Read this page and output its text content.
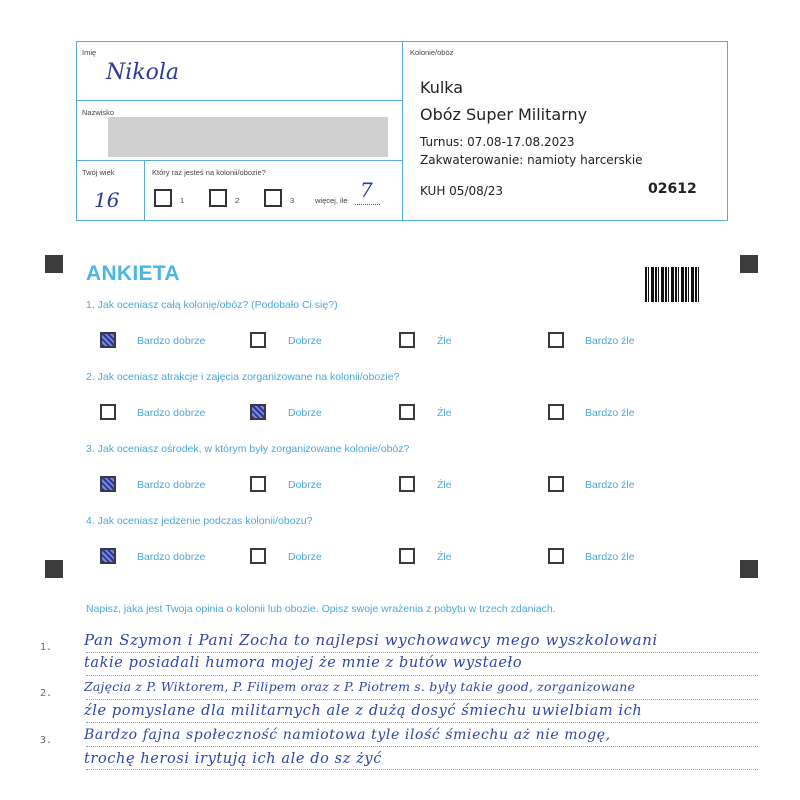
Imię
Nikola
Nazwisko
Twój wiek
16
Który raz jesteś na kolonii/obozie?
1	2	3	więcej, ile 7
Kolonie/obóz
Kulka
Obóz Super Militarny
Turnus: 07.08-17.08.2023
Zakwaterowanie: namioty harcerskie
KUH 05/08/23	02612
ANKIETA
1. Jak oceniasz całą kolonię/obóz? (Podobało Ci się?)
Bardzo dobrze	Dobrze	Źle	Bardzo źle
2. Jak oceniasz atrakcje i zajęcia zorganizowane na kolonii/obozie?
Bardzo dobrze	Dobrze	Źle	Bardzo źle
3. Jak oceniasz ośrodek, w którym były zorganizowane kolonie/obóz?
Bardzo dobrze	Dobrze	Źle	Bardzo źle
4. Jak oceniasz jedzenie podczas kolonii/obozu?
Bardzo dobrze	Dobrze	Źle	Bardzo źle
Napisz, jaka jest Twoja opinia o kolonii lub obozie. Opisz swoje wrażenia z pobytu w trzech zdaniach.
1.
2.
3.
Pan Szymon i Pani Zocha to najlepsi wychowawcy mego wyszkolowani
takie posiadali humora mojej że mnie z butów wystaeło
Zajęcia z P. Wiktorem, P. Filipem oraz z P. Piotrem s. były takie good, zorganizowane
źle pomyslane dla militarnych ale z dużą dosyć śmiechu uwielbiam ich
Bardzo fajna społeczność namiotowa tyle ilość śmiechu aż nie mogę,
trochę herosi irytują ich ale do sz żyć
